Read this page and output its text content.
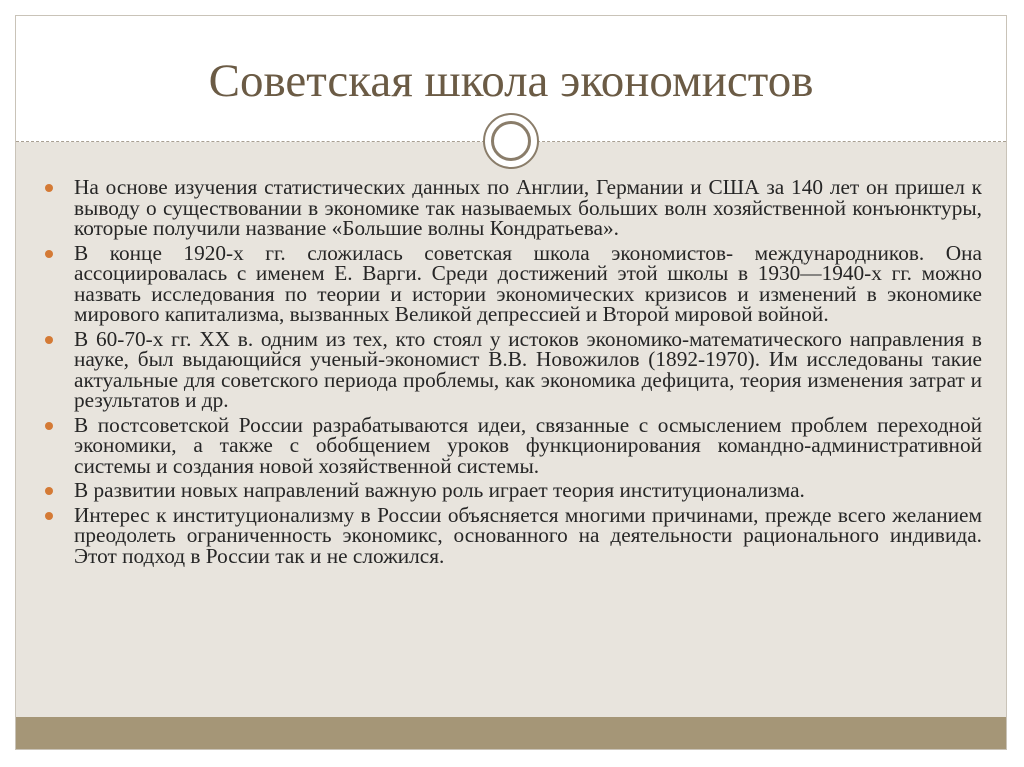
Советская школа экономистов
На основе изучения статистических данных по Англии, Германии и США за 140 лет он пришел к выводу о существовании в экономике так называемых больших волн хозяйственной конъюнктуры, которые получили название «Большие волны Кондратьева».
В конце 1920-х гг. сложилась советская школа экономистов- международников. Она ассоциировалась с именем Е. Варги. Среди достижений этой школы в 1930—1940-х гг. можно назвать исследования по теории и истории экономических кризисов и изменений в экономике мирового капитализма, вызванных Великой депрессией и Второй мировой войной.
В 60-70-х гг. XX в. одним из тех, кто стоял у истоков экономико-математического направления в науке, был выдающийся ученый-экономист В.В. Новожилов (1892-1970). Им исследованы такие актуальные для советского периода проблемы, как экономика дефицита, теория изменения затрат и результатов и др.
В постсоветской России разрабатываются идеи, связанные с осмыслением проблем переходной экономики, а также с обобщением уроков функционирования командно-административной системы и создания новой хозяйственной системы.
В развитии новых направлений важную роль играет теория институционализма.
Интерес к институционализму в России объясняется многими причинами, прежде всего желанием преодолеть ограниченность экономикс, основанного на деятельности рационального индивида. Этот подход в России так и не сложился.
